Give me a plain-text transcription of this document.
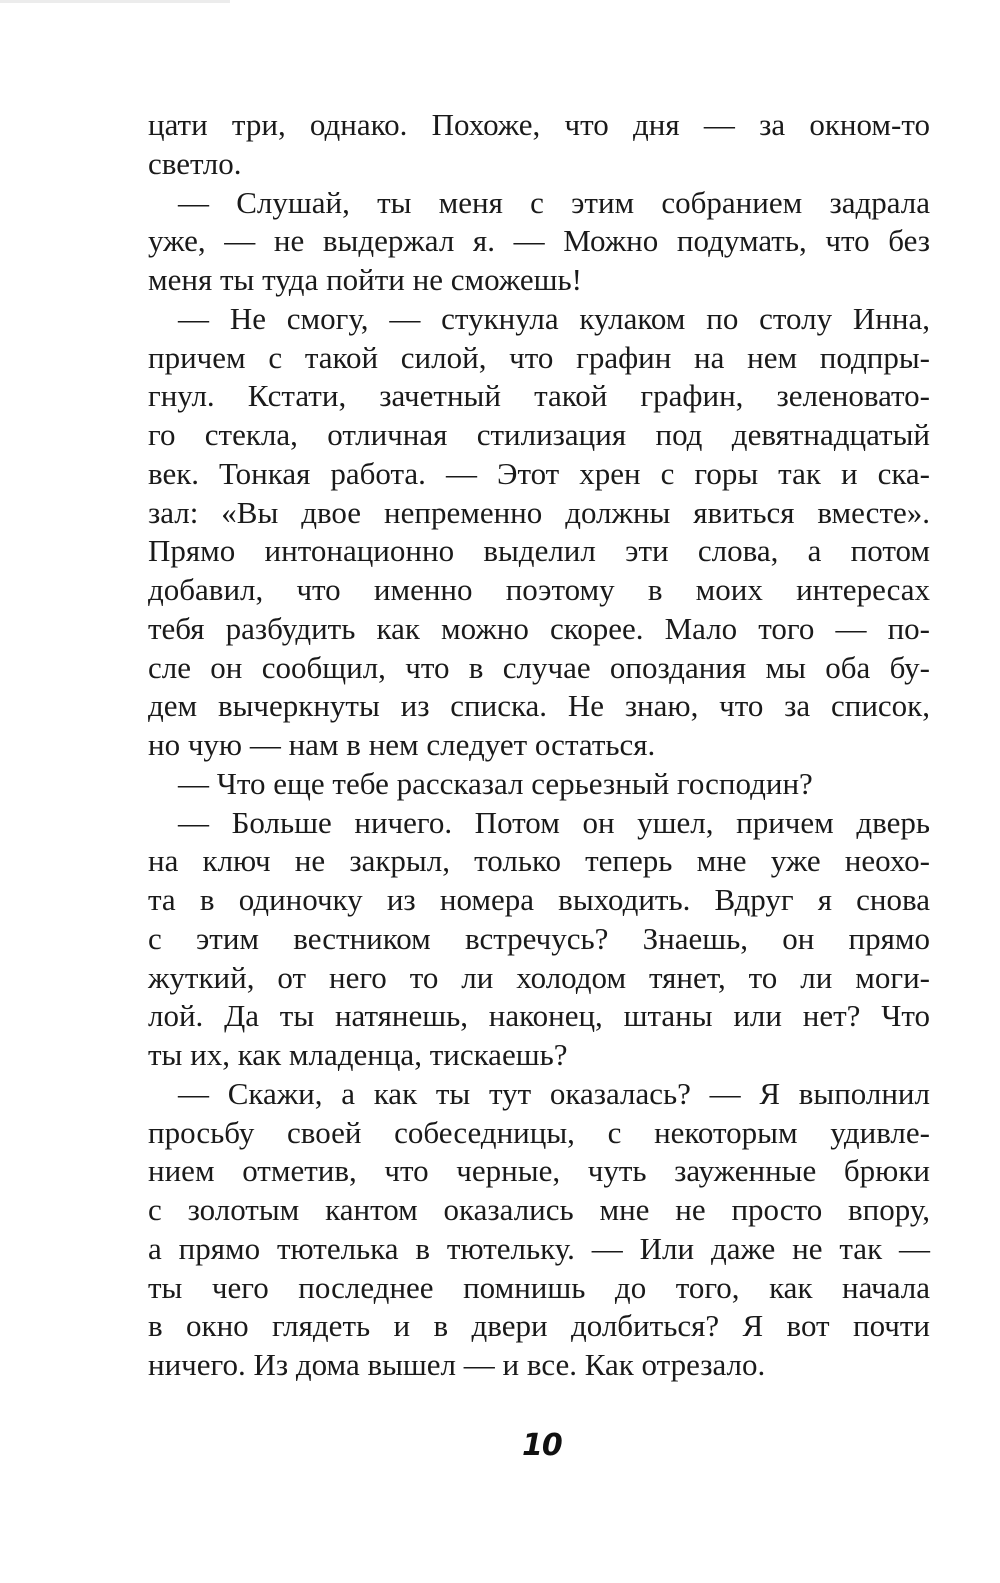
цати три, однако. Похоже, что дня — за окном-то
светло.
— Слушай, ты меня с этим собранием задрала
уже, — не выдержал я. — Можно подумать, что без
меня ты туда пойти не сможешь!
— Не смогу, — стукнула кулаком по столу Инна,
причем с такой силой, что графин на нем подпры-
гнул. Кстати, зачетный такой графин, зеленовато-
го стекла, отличная стилизация под девятнадцатый
век. Тонкая работа. — Этот хрен с горы так и ска-
зал: «Вы двое непременно должны явиться вместе».
Прямо интонационно выделил эти слова, а потом
добавил, что именно поэтому в моих интересах
тебя разбудить как можно скорее. Мало того — по-
сле он сообщил, что в случае опоздания мы оба бу-
дем вычеркнуты из списка. Не знаю, что за список,
но чую — нам в нем следует остаться.
— Что еще тебе рассказал серьезный господин?
— Больше ничего. Потом он ушел, причем дверь
на ключ не закрыл, только теперь мне уже неохо-
та в одиночку из номера выходить. Вдруг я снова
с этим вестником встречусь? Знаешь, он прямо
жуткий, от него то ли холодом тянет, то ли моги-
лой. Да ты натянешь, наконец, штаны или нет? Что
ты их, как младенца, тискаешь?
— Скажи, а как ты тут оказалась? — Я выполнил
просьбу своей собеседницы, с некоторым удивле-
нием отметив, что черные, чуть зауженные брюки
с золотым кантом оказались мне не просто впору,
а прямо тютелька в тютельку. — Или даже не так —
ты чего последнее помнишь до того, как начала
в окно глядеть и в двери долбиться? Я вот почти
ничего. Из дома вышел — и все. Как отрезало.
10
